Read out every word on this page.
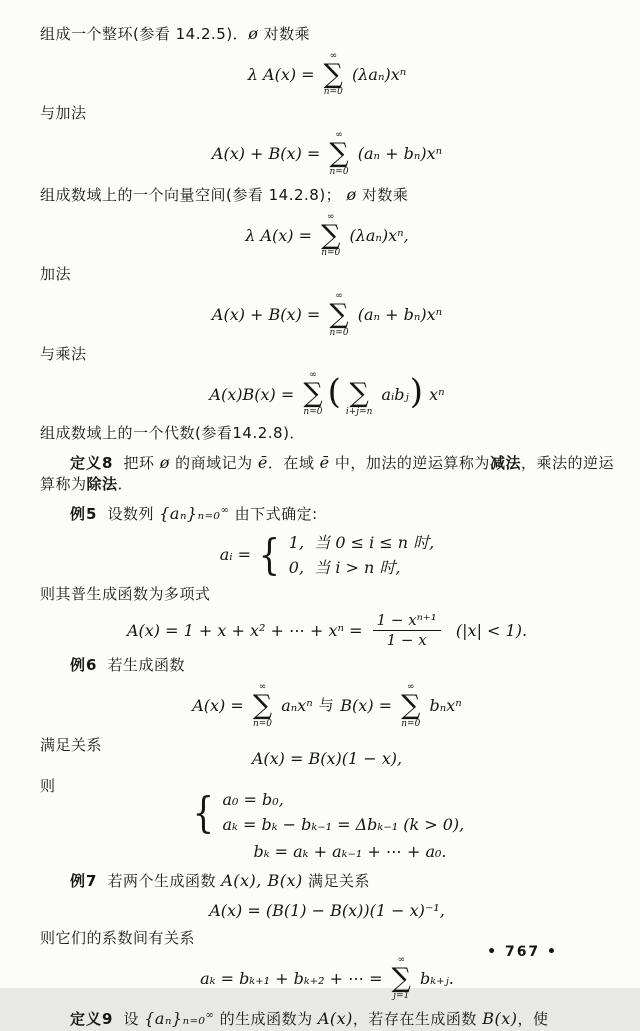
组成一个整环(参看 14.2.5)．ø 对数乘

λ A(x) =
∞
∑
n=0
(λaₙ)xⁿ

与加法

A(x) + B(x) =
∞
∑
n=0
(aₙ + bₙ)xⁿ

组成数域上的一个向量空间(参看 14.2.8)； ø 对数乘

λ A(x) =
∞
∑
n=0
(λaₙ)xⁿ,

加法

A(x) + B(x) =
∞
∑
n=0
(aₙ + bₙ)xⁿ

与乘法

A(x)B(x) =
∞
∑
n=0 (
∑
i+j=n
aᵢbⱼ ) xⁿ

组成数域上的一个代数(参看14.2.8)．

定义8 把环 ø 的商域记为 ē．在域 ē 中，加法的逆运算称为减法，乘法的逆运算称为除法．

例5 设数列 {aₙ}ₙ₌₀∞ 由下式确定:

aᵢ = { 1,  当 0 ≤ i ≤ n 时,
0,  当 i > n 时,

则其普生成函数为多项式

A(x) = 1 + x + x² + ⋯ + $x^n = \frac{\text{1 − xⁿ⁺¹}}{1 - x} (|x| < 1)$.

例6 若生成函数

A(x) =
∞
∑
n=0
aₙxⁿ 与 B(x) =
∞
∑
n=0
bₙxⁿ

满足关系

A(x) = B(x)(1 − x),

则

{ a₀ = b₀,
aₖ = bₖ − bₖ₋₁ = Δbₖ₋₁ (k > 0),
bₖ = aₖ + aₖ₋₁ + ⋯ + a₀.

例7 若两个生成函数 A(x), B(x) 满足关系

A(x) = (B(1) − B(x))(1 − x)⁻¹,

则它们的系数间有关系

aₖ = bₖ₊₁ + bₖ₊₂ + ⋯ =
∞
∑
j=1
bₖ₊ⱼ.

定义9 设 {aₙ}ₙ₌₀∞ 的生成函数为 A(x)，若存在生成函数 B(x)，使

• 767 •
